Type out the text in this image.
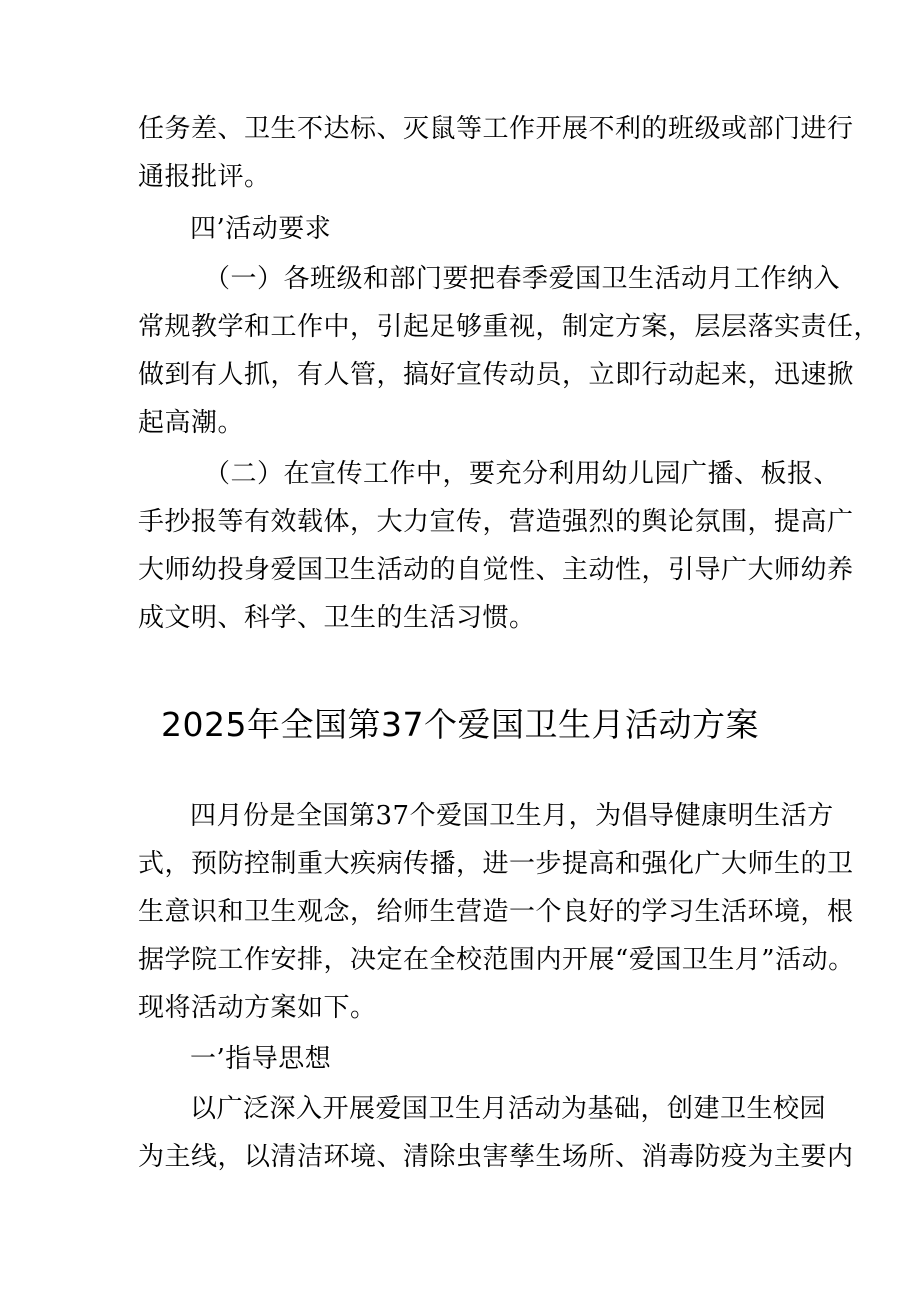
任务差、卫生不达标、灭鼠等工作开展不利的班级或部门进行
通报批评。

四’活动要求

（一）各班级和部门要把春季爱国卫生活动月工作纳入
常规教学和工作中，引起足够重视，制定方案，层层落实责任，
做到有人抓，有人管，搞好宣传动员，立即行动起来，迅速掀
起高潮。

（二）在宣传工作中，要充分利用幼儿园广播、板报、
手抄报等有效载体，大力宣传，营造强烈的舆论氛围，提高广
大师幼投身爱国卫生活动的自觉性、主动性，引导广大师幼养
成文明、科学、卫生的生活习惯。

2025年全国第37个爱国卫生月活动方案

四月份是全国第37个爱国卫生月，为倡导健康明生活方
式，预防控制重大疾病传播，进一步提高和强化广大师生的卫
生意识和卫生观念，给师生营造一个良好的学习生活环境，根
据学院工作安排，决定在全校范围内开展“爱国卫生月”活动。
现将活动方案如下。

一’指导思想

以广泛深入开展爱国卫生月活动为基础，创建卫生校园
为主线，以清洁环境、清除虫害孳生场所、消毒防疫为主要内
